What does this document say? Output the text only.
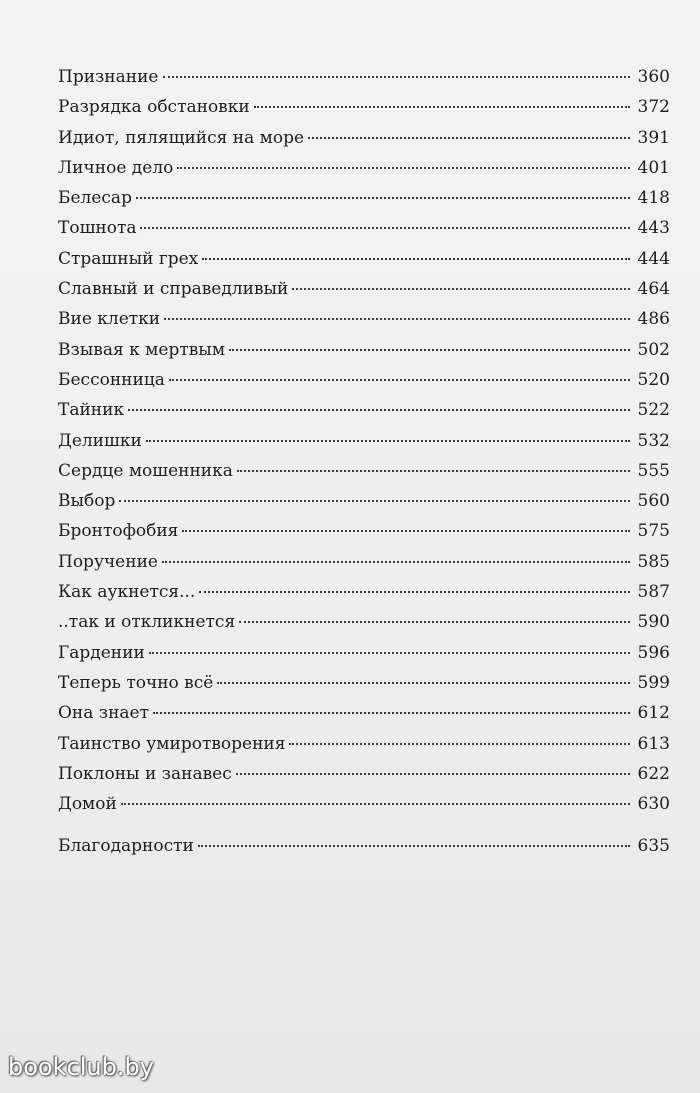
Признание	360
Разрядка обстановки	372
Идиот, пялящийся на море	391
Личное дело	401
Белесар	418
Тошнота	443
Страшный грех	444
Славный и справедливый	464
Вие клетки	486
Взывая к мертвым	502
Бессонница	520
Тайник	522
Делишки	532
Сердце мошенника	555
Выбор	560
Бронтофобия	575
Поручение	585
Как аукнется...	587
..так и откликнется	590
Гардении	596
Теперь точно всё	599
Она знает	612
Таинство умиротворения	613
Поклоны и занавес	622
Домой	630
Благодарности	635
bookclub.by
